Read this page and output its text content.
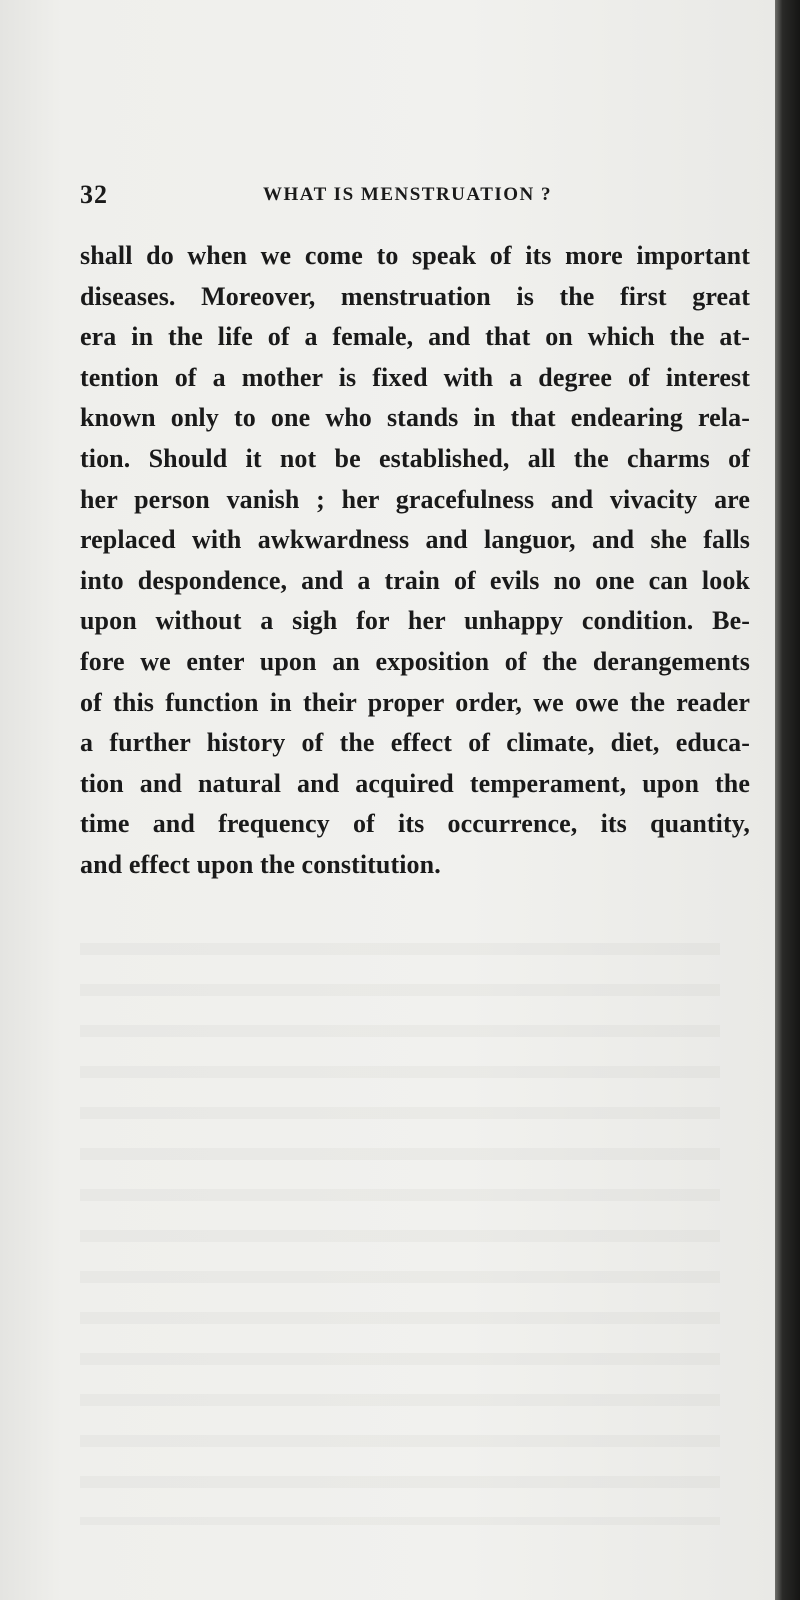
32	WHAT IS MENSTRUATION ?
shall do when we come to speak of its more important
diseases. Moreover, menstruation is the first great
era in the life of a female, and that on which the at-
tention of a mother is fixed with a degree of interest
known only to one who stands in that endearing rela-
tion. Should it not be established, all the charms of
her person vanish ; her gracefulness and vivacity are
replaced with awkwardness and languor, and she falls
into despondence, and a train of evils no one can look
upon without a sigh for her unhappy condition. Be-
fore we enter upon an exposition of the derangements
of this function in their proper order, we owe the reader
a further history of the effect of climate, diet, educa-
tion and natural and acquired temperament, upon the
time and frequency of its occurrence, its quantity,
and effect upon the constitution.
